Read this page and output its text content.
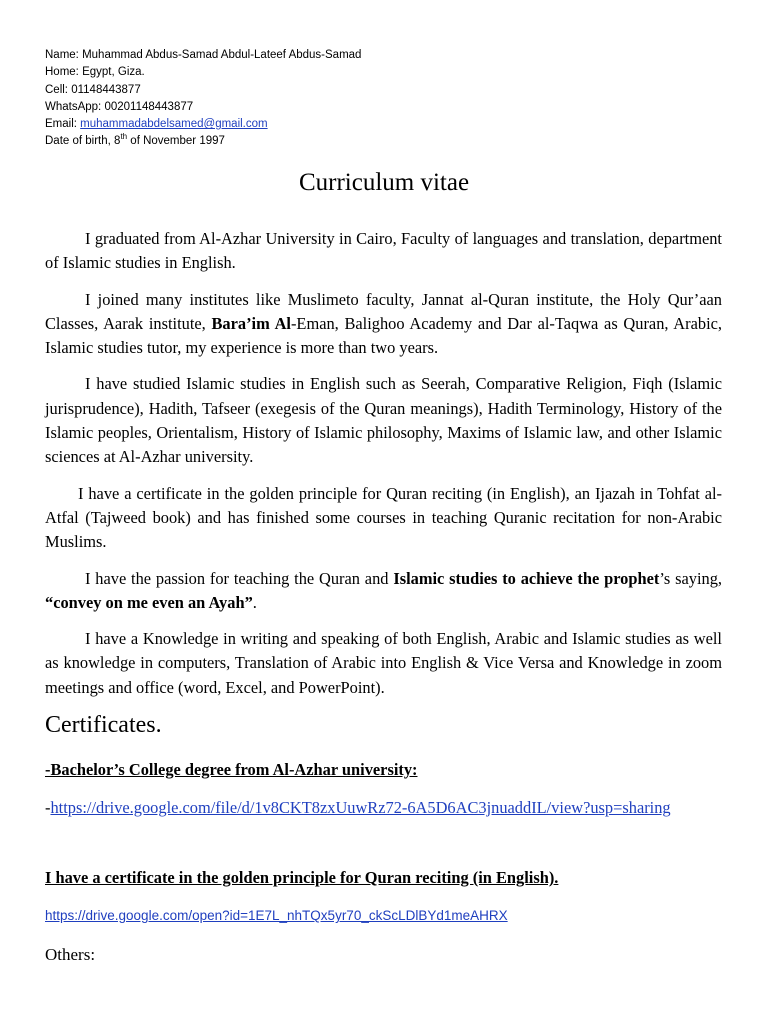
Name: Muhammad Abdus-Samad Abdul-Lateef Abdus-Samad
Home: Egypt, Giza.
Cell: 01148443877
WhatsApp: 00201148443877
Email: muhammadabdelsamed@gmail.com
Date of birth, 8th of November 1997
Curriculum vitae

I graduated from Al-Azhar University in Cairo, Faculty of languages and translation, department of Islamic studies in English.

I joined many institutes like Muslimeto faculty, Jannat al-Quran institute, the Holy Qur’aan Classes, Aarak institute, Bara’im Al-Eman, Balighoo Academy and Dar al-Taqwa as Quran, Arabic, Islamic studies tutor, my experience is more than two years.

I have studied Islamic studies in English such as Seerah, Comparative Religion, Fiqh (Islamic jurisprudence), Hadith, Tafseer (exegesis of the Quran meanings), Hadith Terminology, History of the Islamic peoples, Orientalism, History of Islamic philosophy, Maxims of Islamic law, and other Islamic sciences at Al-Azhar university.

I have a certificate in the golden principle for Quran reciting (in English), an Ijazah in Tohfat al-Atfal (Tajweed book) and has finished some courses in teaching Quranic recitation for non-Arabic Muslims.

I have the passion for teaching the Quran and Islamic studies to achieve the prophet’s saying, “convey on me even an Ayah”.

I have a Knowledge in writing and speaking of both English, Arabic and Islamic studies as well as knowledge in computers, Translation of Arabic into English & Vice Versa and Knowledge in zoom meetings and office (word, Excel, and PowerPoint).

Certificates.
-Bachelor’s College degree from Al-Azhar university:
-https://drive.google.com/file/d/1v8CKT8zxUuwRz72-6A5D6AC3jnuaddIL/view?usp=sharing
I have a certificate in the golden principle for Quran reciting (in English).
https://drive.google.com/open?id=1E7L_nhTQx5yr70_ckScLDlBYd1meAHRX
Others:
